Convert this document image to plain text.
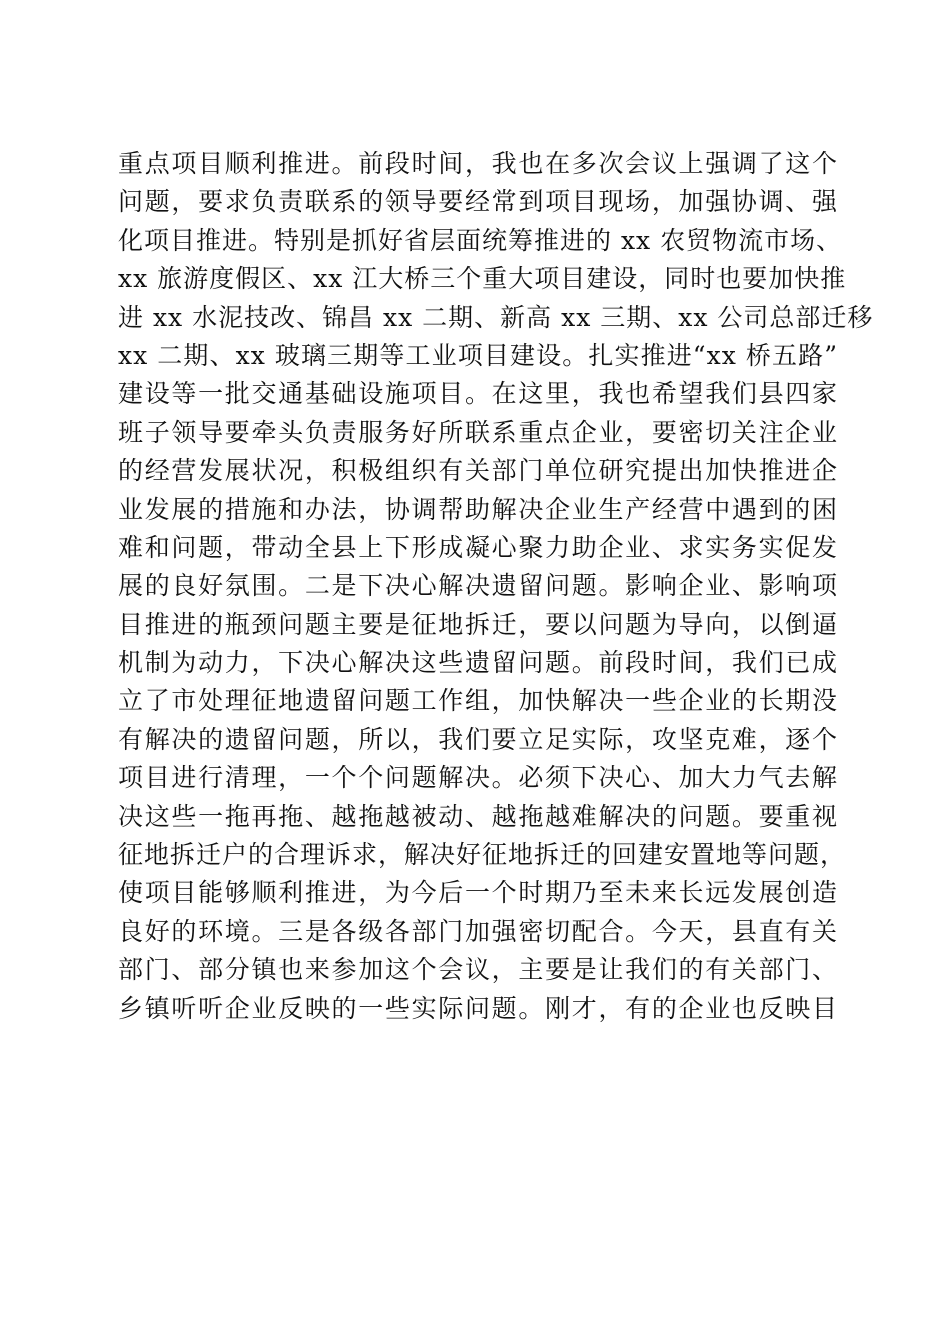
重点项目顺利推进。前段时间，我也在多次会议上强调了这个
问题，要求负责联系的领导要经常到项目现场，加强协调、强
化项目推进。特别是抓好省层面统筹推进的 xx 农贸物流市场、
xx 旅游度假区、xx 江大桥三个重大项目建设，同时也要加快推
进 xx 水泥技改、锦昌 xx 二期、新高 xx 三期、xx 公司总部迁移
xx 二期、xx 玻璃三期等工业项目建设。扎实推进“xx 桥五路”
建设等一批交通基础设施项目。在这里，我也希望我们县四家
班子领导要牵头负责服务好所联系重点企业，要密切关注企业
的经营发展状况，积极组织有关部门单位研究提出加快推进企
业发展的措施和办法，协调帮助解决企业生产经营中遇到的困
难和问题，带动全县上下形成凝心聚力助企业、求实务实促发
展的良好氛围。二是下决心解决遗留问题。影响企业、影响项
目推进的瓶颈问题主要是征地拆迁，要以问题为导向，以倒逼
机制为动力，下决心解决这些遗留问题。前段时间，我们已成
立了市处理征地遗留问题工作组，加快解决一些企业的长期没
有解决的遗留问题，所以，我们要立足实际，攻坚克难，逐个
项目进行清理，一个个问题解决。必须下决心、加大力气去解
决这些一拖再拖、越拖越被动、越拖越难解决的问题。要重视
征地拆迁户的合理诉求，解决好征地拆迁的回建安置地等问题，
使项目能够顺利推进，为今后一个时期乃至未来长远发展创造
良好的环境。三是各级各部门加强密切配合。今天，县直有关
部门、部分镇也来参加这个会议，主要是让我们的有关部门、
乡镇听听企业反映的一些实际问题。刚才，有的企业也反映目
